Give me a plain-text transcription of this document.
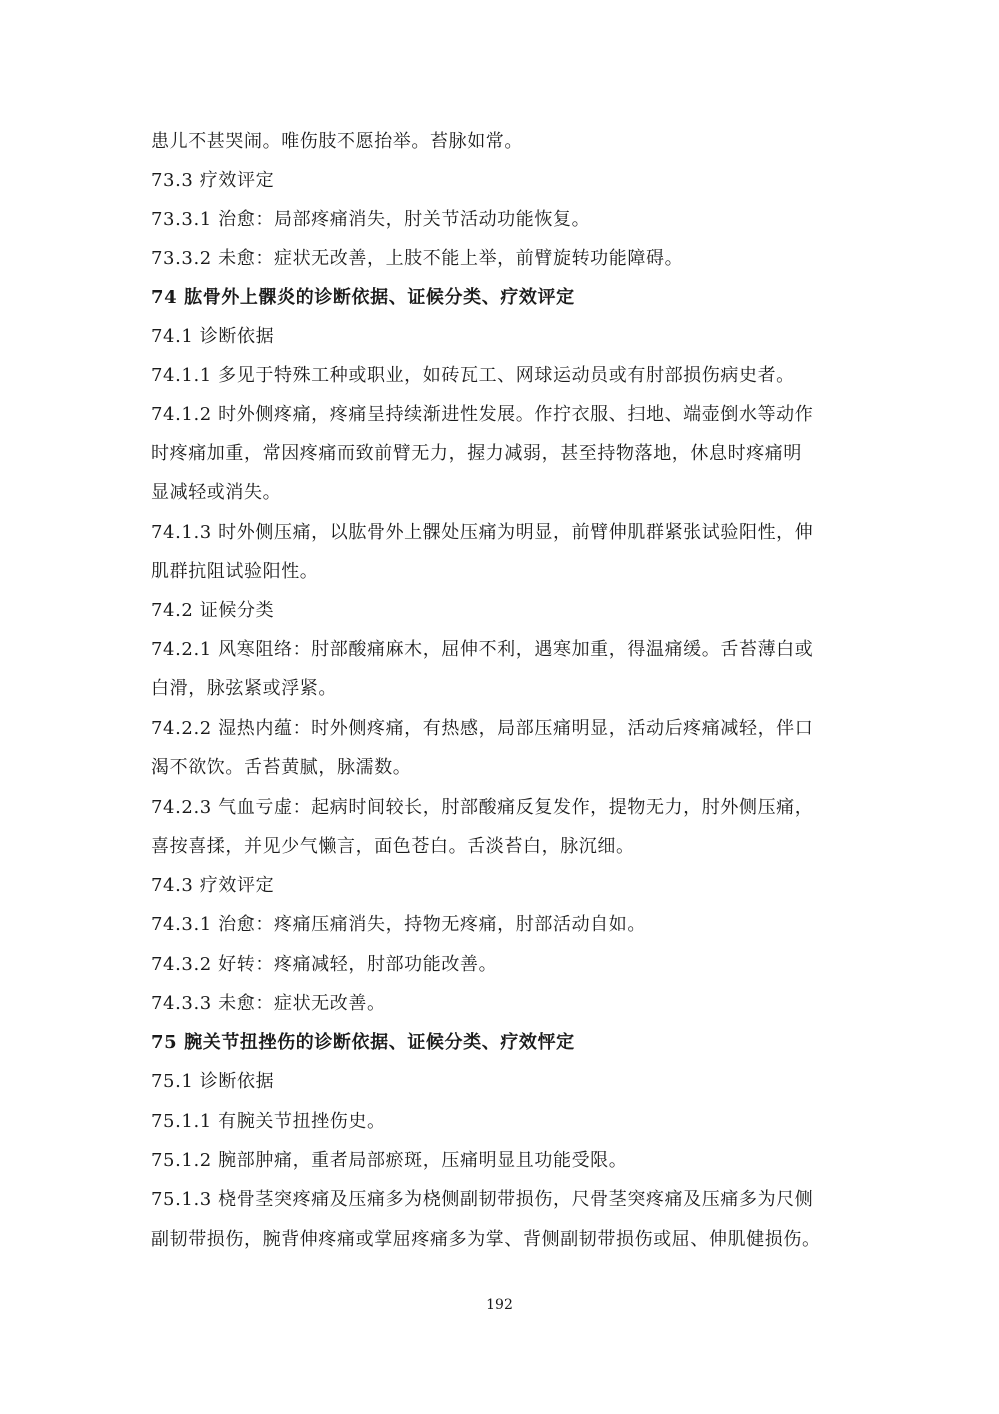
患儿不甚哭闹。唯伤肢不愿抬举。苔脉如常。
73.3 疗效评定
73.3.1 治愈：局部疼痛消失，肘关节活动功能恢复。
73.3.2 未愈：症状无改善，上肢不能上举，前臂旋转功能障碍。
74 肱骨外上髁炎的诊断依据、证候分类、疗效评定
74.1 诊断依据
74.1.1 多见于特殊工种或职业，如砖瓦工、网球运动员或有肘部损伤病史者。
74.1.2 时外侧疼痛，疼痛呈持续渐进性发展。作拧衣服、扫地、端壶倒水等动作
时疼痛加重，常因疼痛而致前臂无力，握力减弱，甚至持物落地，休息时疼痛明
显减轻或消失。
74.1.3 时外侧压痛，以肱骨外上髁处压痛为明显，前臂伸肌群紧张试验阳性，伸
肌群抗阻试验阳性。
74.2 证候分类
74.2.1 风寒阻络：肘部酸痛麻木，屈伸不利，遇寒加重，得温痛缓。舌苔薄白或
白滑，脉弦紧或浮紧。
74.2.2 湿热内蕴：时外侧疼痛，有热感，局部压痛明显，活动后疼痛减轻，伴口
渴不欲饮。舌苔黄腻，脉濡数。
74.2.3 气血亏虚：起病时间较长，肘部酸痛反复发作，提物无力，肘外侧压痛，
喜按喜揉，并见少气懒言，面色苍白。舌淡苔白，脉沉细。
74.3 疗效评定
74.3.1 治愈：疼痛压痛消失，持物无疼痛，肘部活动自如。
74.3.2 好转：疼痛减轻，肘部功能改善。
74.3.3 未愈：症状无改善。
75 腕关节扭挫伤的诊断依据、证候分类、疗效怦定
75.1 诊断依据
75.1.1 有腕关节扭挫伤史。
75.1.2 腕部肿痛，重者局部瘀斑，压痛明显且功能受限。
75.1.3 桡骨茎突疼痛及压痛多为桡侧副韧带损伤，尺骨茎突疼痛及压痛多为尺侧
副韧带损伤，腕背伸疼痛或掌屈疼痛多为掌、背侧副韧带损伤或屈、伸肌健损伤。
192
